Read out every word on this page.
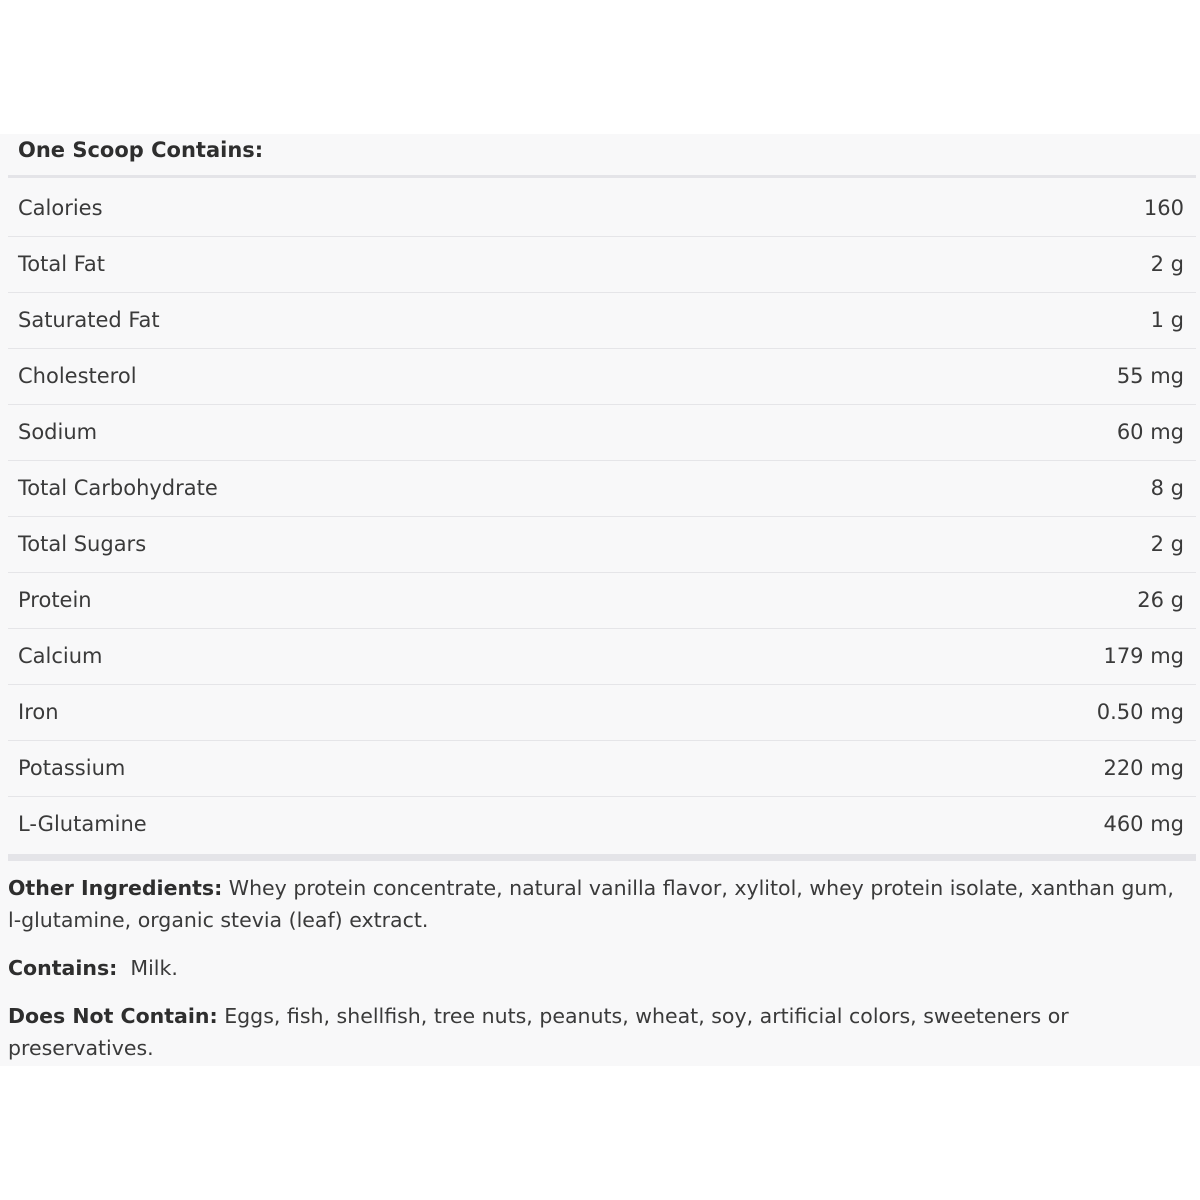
One Scoop Contains:
Calories	160
Total Fat	2 g
Saturated Fat	1 g
Cholesterol	55 mg
Sodium	60 mg
Total Carbohydrate	8 g
Total Sugars	2 g
Protein	26 g
Calcium	179 mg
Iron	0.50 mg
Potassium	220 mg
L-Glutamine	460 mg

Other Ingredients: Whey protein concentrate, natural vanilla flavor, xylitol, whey protein isolate, xanthan gum, l-glutamine, organic stevia (leaf) extract.

Contains:  Milk.

Does Not Contain: Eggs, fish, shellfish, tree nuts, peanuts, wheat, soy, artificial colors, sweeteners or preservatives.
